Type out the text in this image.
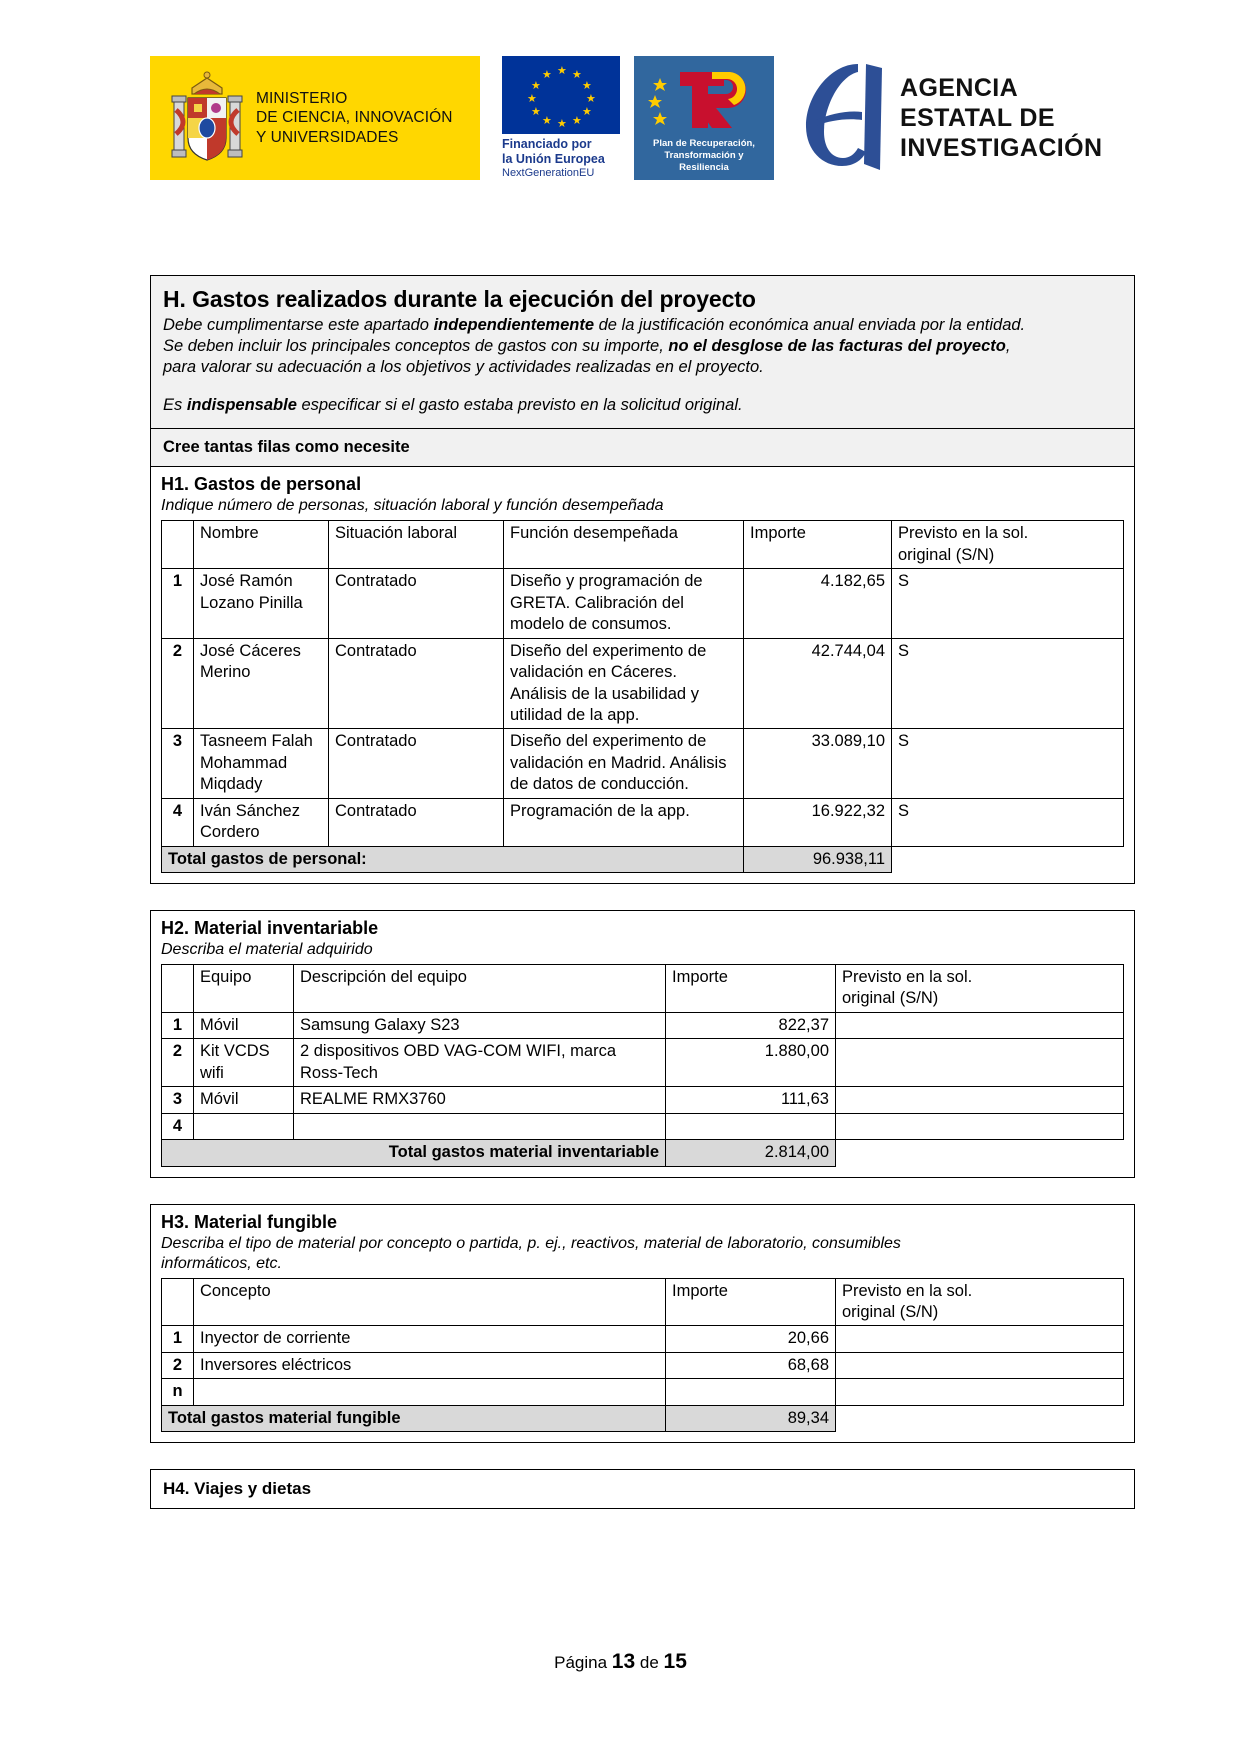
MINISTERIO
DE CIENCIA, INNOVACIÓN
Y UNIVERSIDADES
★ ★
★
★
★
★
★
★
★
★
★
★
Financiado por
la Unión Europea
NextGenerationEU
Plan de Recuperación,
Transformación y
Resiliencia
AGENCIA
ESTATAL DE
INVESTIGACIÓN
H. Gastos realizados durante la ejecución del proyecto

Debe cumplimentarse este apartado independientemente de la justificación económica anual enviada por la entidad.

Se deben incluir los principales conceptos de gastos con su importe, no el desglose de las facturas del proyecto,

para valorar su adecuación a los objetivos y actividades realizadas en el proyecto.

Es indispensable especificar si el gasto estaba previsto en la solicitud original.

Cree tantas filas como necesite
H1. Gastos de personal
Indique número de personas, situación laboral y función desempeñada
	Nombre	Situación laboral	Función desempeñada	Importe	Previsto en la sol.
original (S/N)
1	José Ramón Lozano Pinilla	Contratado	Diseño y programación de GRETA. Calibración del modelo de consumos.	4.182,65	S
2	José Cáceres Merino	Contratado	Diseño del experimento de validación en Cáceres. Análisis de la usabilidad y utilidad de la app.	42.744,04	S
3	Tasneem Falah Mohammad Miqdady	Contratado	Diseño del experimento de validación en Madrid. Análisis de datos de conducción.	33.089,10	S
4	Iván Sánchez Cordero	Contratado	Programación de la app.	16.922,32	S
Total gastos de personal:				96.938,11	
H2. Material inventariable
Describa el material adquirido
	Equipo	Descripción del equipo	Importe	Previsto en la sol.
original (S/N)
1	Móvil	Samsung Galaxy S23	822,37	
2	Kit VCDS wifi	2 dispositivos OBD VAG-COM WIFI, marca Ross-Tech	1.880,00	
3	Móvil	REALME RMX3760	111,63	
4				
Total gastos material inventariable			2.814,00	
H3. Material fungible
Describa el tipo de material por concepto o partida, p. ej., reactivos, material de laboratorio, consumibles
informáticos, etc.
	Concepto	Importe	Previsto en la sol.
original (S/N)
1	Inyector de corriente	20,66	
2	Inversores eléctricos	68,68	
n			
Total gastos material fungible		89,34	
H4. Viajes y dietas
Página 13 de 15
